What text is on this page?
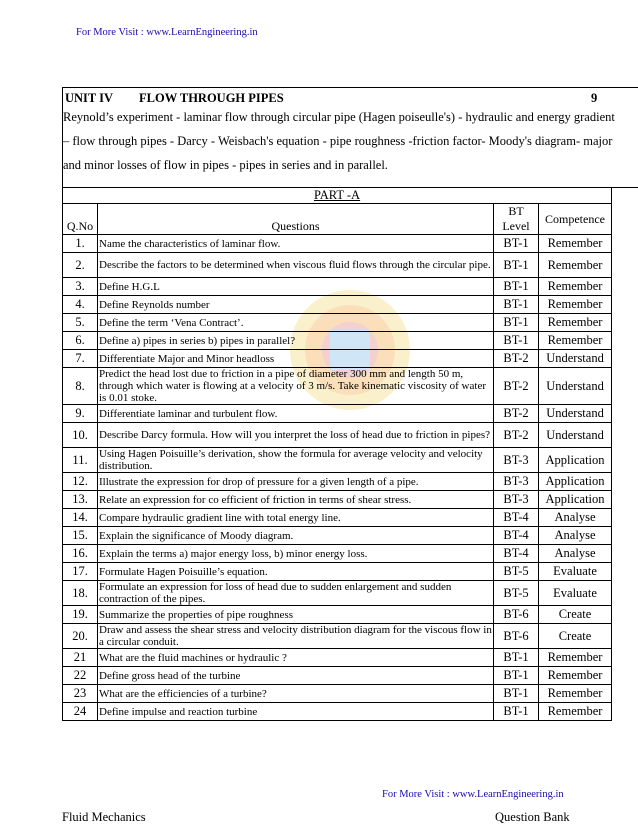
For More Visit : www.LearnEngineering.in
UNIT IV FLOW THROUGH PIPES	9
Reynold’s experiment - laminar flow through circular pipe (Hagen poiseulle's) - hydraulic and energy gradient
– flow through pipes - Darcy - Weisbach's equation - pipe roughness -friction factor- Moody's diagram- major
and minor losses of flow in pipes - pipes in series and in parallel.
PART -A			
Q.No	Questions	BT Level	Competence
1.	Name the characteristics of laminar flow.	BT-1	Remember
2.	Describe the factors to be determined when viscous fluid flows through the circular pipe.	BT-1	Remember
3.	Define H.G.L	BT-1	Remember
4.	Define Reynolds number	BT-1	Remember
5.	Define the term ‘Vena Contract’.	BT-1	Remember
6.	Define a) pipes in series b) pipes in parallel?	BT-1	Remember
7.	Differentiate Major and Minor headloss	BT-2	Understand
8.	Predict the head lost due to friction in a pipe of diameter 300 mm and length 50 m, through which water is flowing at a velocity of 3 m/s. Take kinematic viscosity of water is 0.01 stoke.	BT-2	Understand
9.	Differentiate laminar and turbulent flow.	BT-2	Understand
10.	Describe Darcy formula. How will you interpret the loss of head due to friction in pipes?	BT-2	Understand
11.	Using Hagen Poisuille’s derivation, show the formula for average velocity and velocity distribution.	BT-3	Application
12.	Illustrate the expression for drop of pressure for a given length of a pipe.	BT-3	Application
13.	Relate an expression for co efficient of friction in terms of shear stress.	BT-3	Application
14.	Compare hydraulic gradient line with total energy line.	BT-4	Analyse
15.	Explain the significance of Moody diagram.	BT-4	Analyse
16.	Explain the terms a) major energy loss, b) minor energy loss.	BT-4	Analyse
17.	Formulate Hagen Poisuille’s equation.	BT-5	Evaluate
18.	Formulate an expression for loss of head due to sudden enlargement and sudden contraction of the pipes.	BT-5	Evaluate
19.	Summarize the properties of pipe roughness	BT-6	Create
20.	Draw and assess the shear stress and velocity distribution diagram for the viscous flow in a circular conduit.	BT-6	Create
21	What are the fluid machines or hydraulic ?	BT-1	Remember
22	Define gross head of the turbine	BT-1	Remember
23	What are the efficiencies of a turbine?	BT-1	Remember
24	Define impulse and reaction turbine	BT-1	Remember
For More Visit : www.LearnEngineering.in
Fluid Mechanics	Question Bank
